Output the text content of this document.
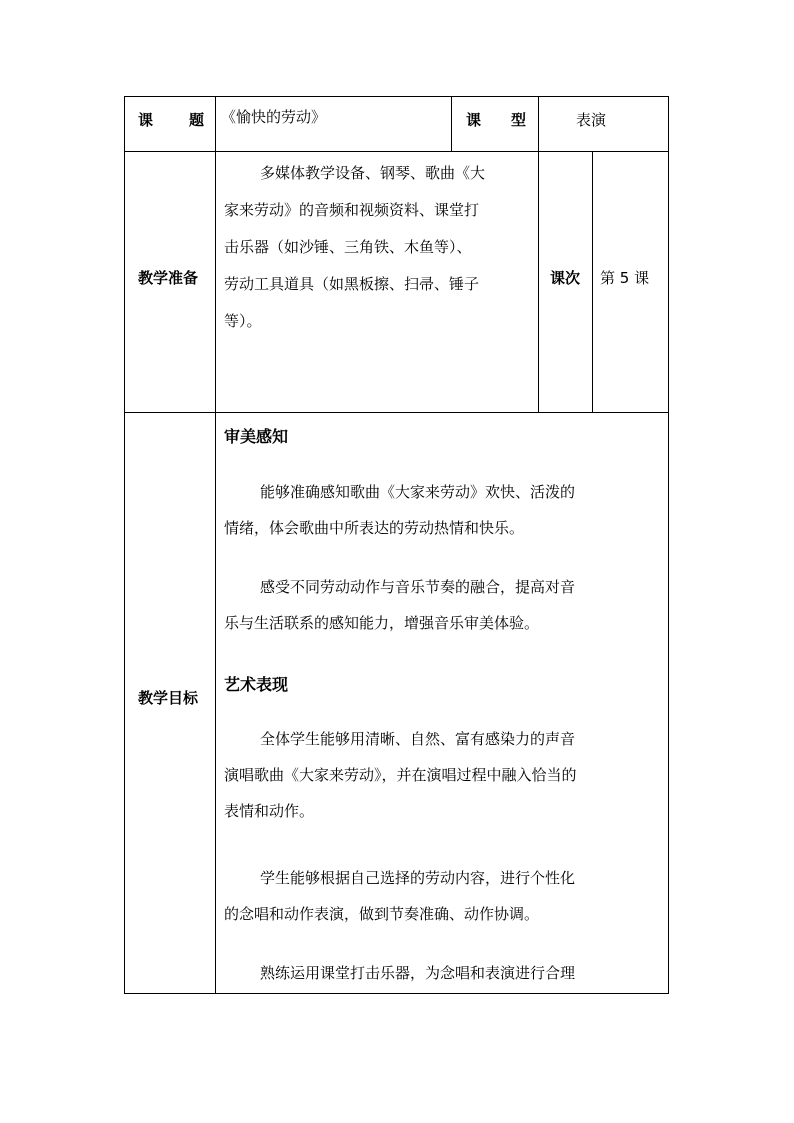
课 题 《愉快的劳动》	课 型	表演
教学准备
多媒体教学设备、钢琴、歌曲《大
家来劳动》的音频和视频资料、课堂打
击乐器（如沙锤、三角铁、木鱼等）、
劳动工具道具（如黑板擦、扫帚、锤子
等）。
课次 第 5 课
教学目标
审美感知
能够准确感知歌曲《大家来劳动》欢快、活泼的
情绪，体会歌曲中所表达的劳动热情和快乐。
感受不同劳动动作与音乐节奏的融合，提高对音
乐与生活联系的感知能力，增强音乐审美体验。
艺术表现
全体学生能够用清晰、自然、富有感染力的声音
演唱歌曲《大家来劳动》，并在演唱过程中融入恰当的
表情和动作。
学生能够根据自己选择的劳动内容，进行个性化
的念唱和动作表演，做到节奏准确、动作协调。
熟练运用课堂打击乐器，为念唱和表演进行合理
